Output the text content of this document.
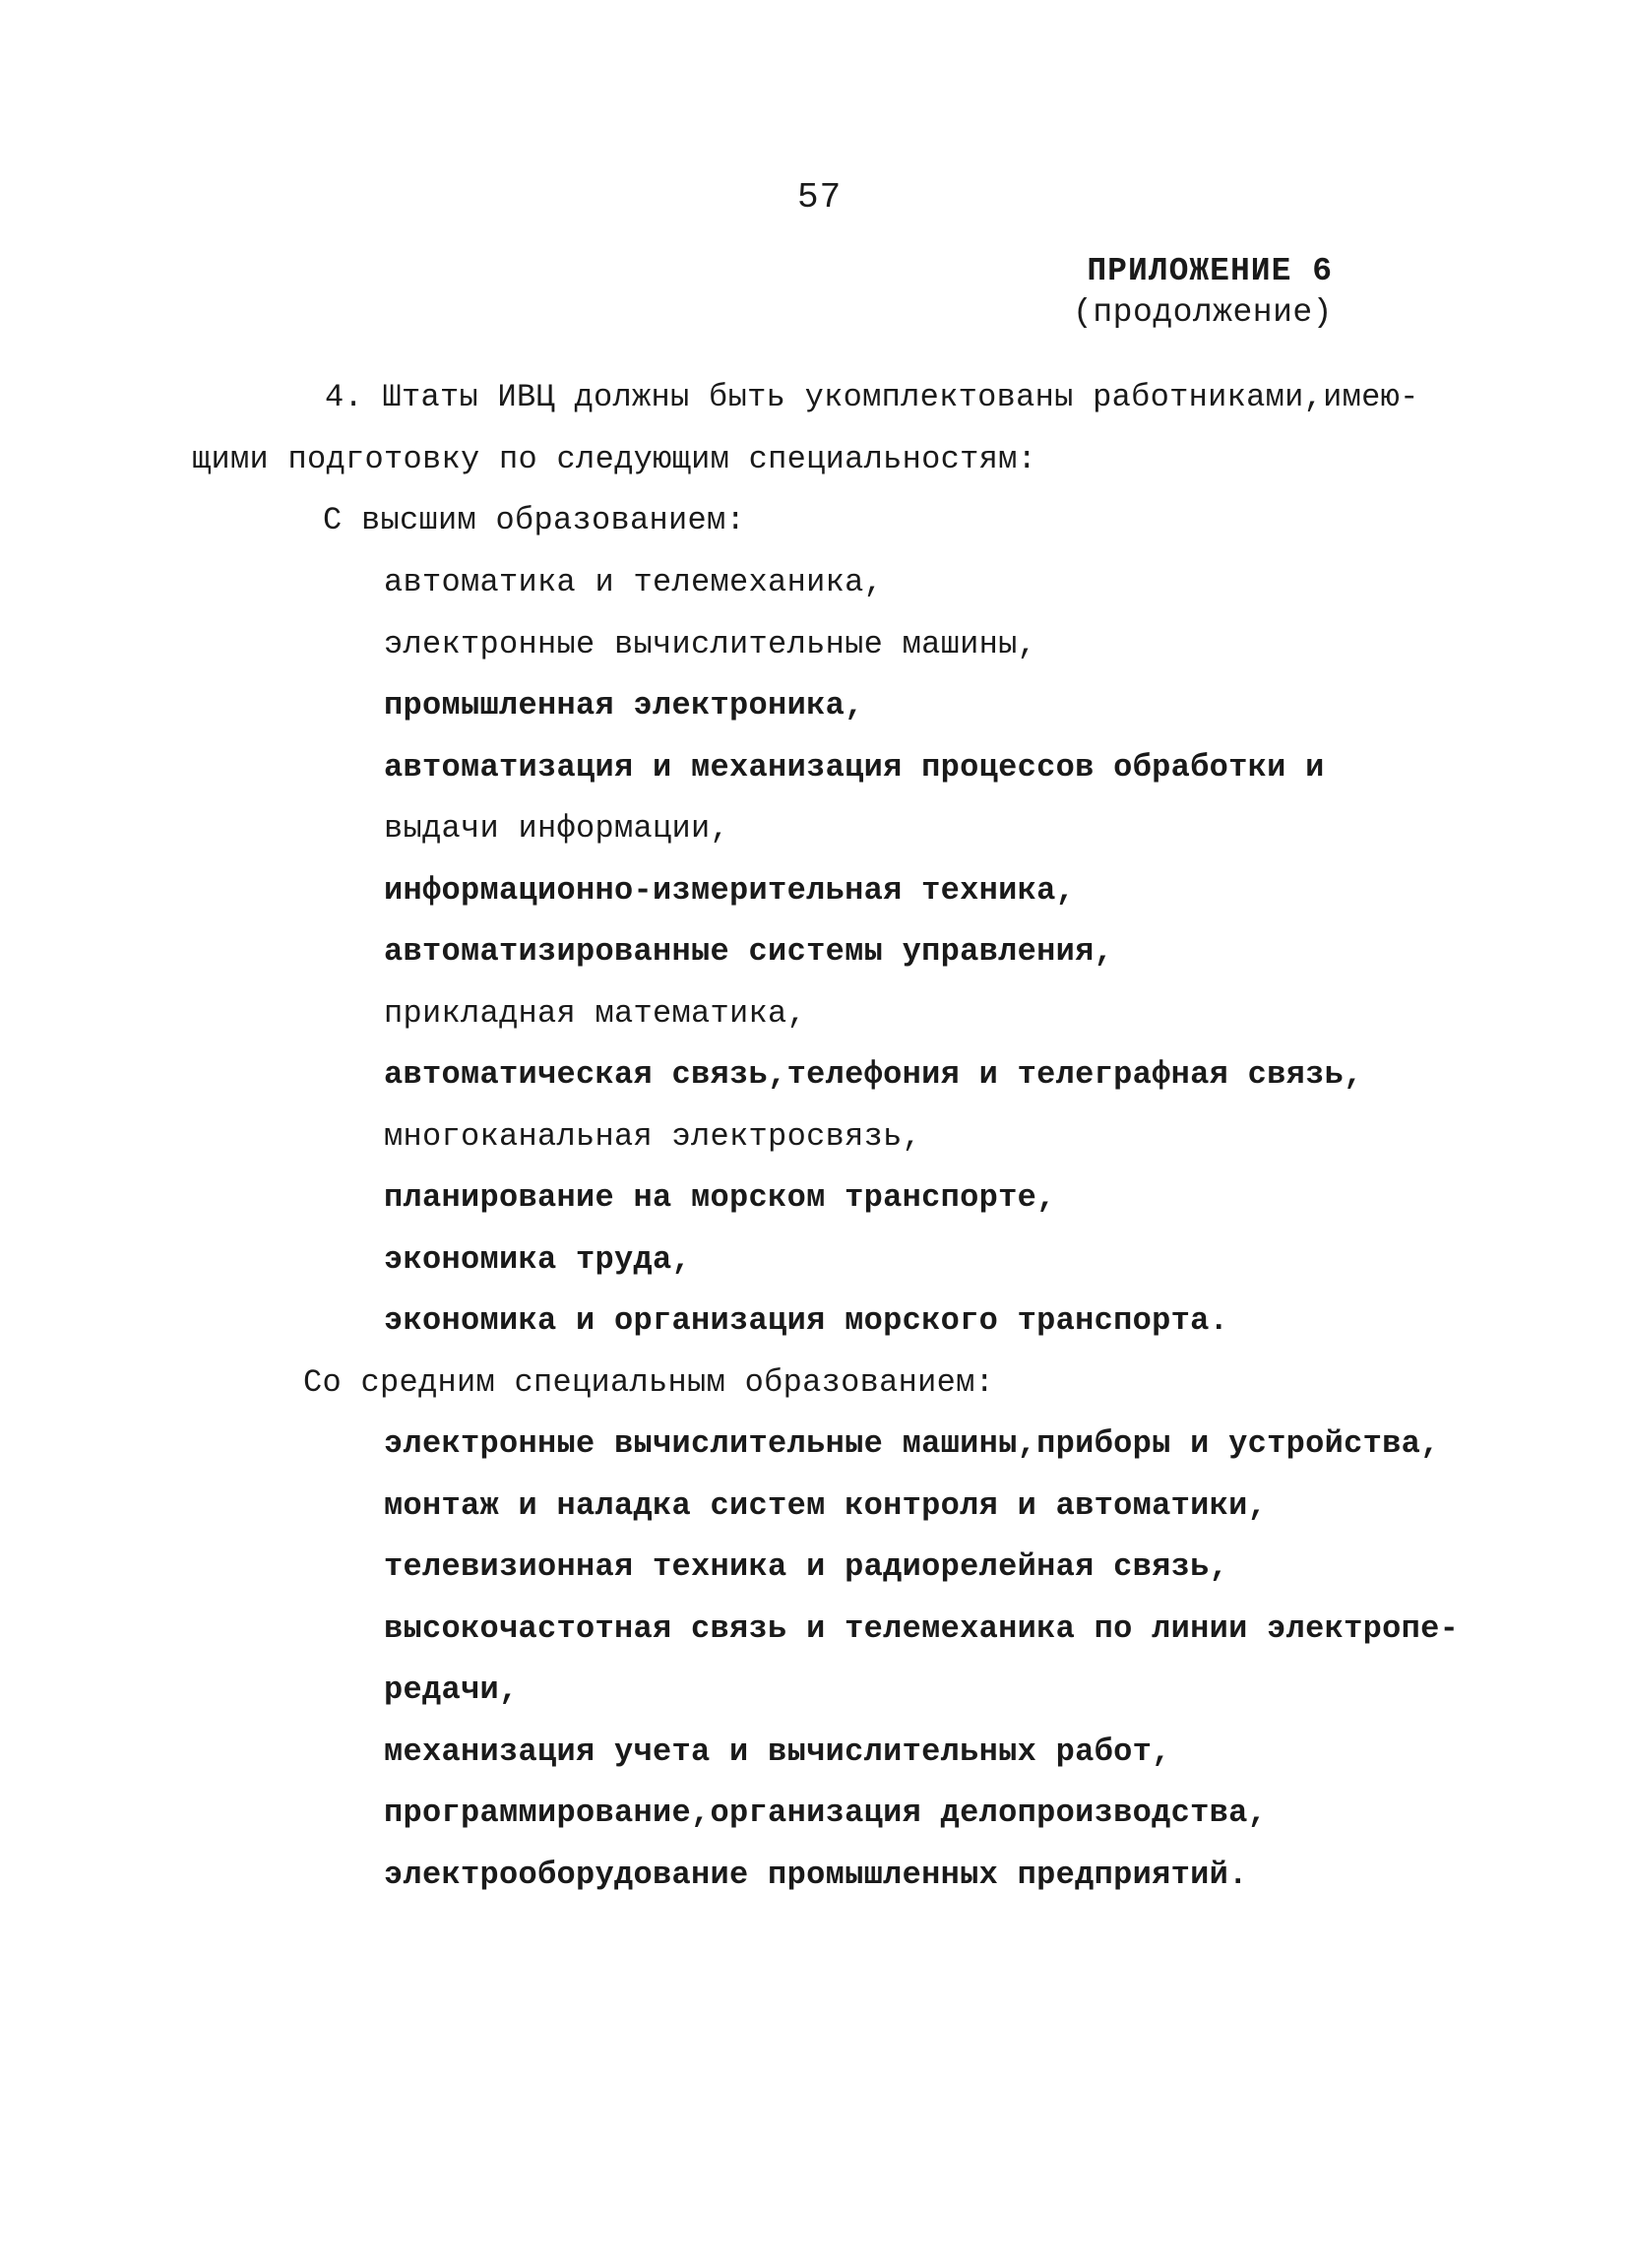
57
ПРИЛОЖЕНИЕ 6
(продолжение)
4. Штаты ИВЦ должны быть укомплектованы работниками,имею-
щими подготовку по следующим специальностям:
С высшим образованием:
автоматика и телемеханика,
электронные вычислительные машины,
промышленная электроника,
автоматизация и механизация процессов обработки и
выдачи информации,
информационно-измерительная техника,
автоматизированные системы управления,
прикладная математика,
автоматическая связь,телефония и телеграфная связь,
многоканальная электросвязь,
планирование на морском транспорте,
экономика труда,
экономика и организация морского транспорта.
Со средним специальным образованием:
электронные вычислительные машины,приборы и устройства,
монтаж и наладка систем контроля и автоматики,
телевизионная техника и радиорелейная связь,
высокочастотная связь и телемеханика по линии электропе-
редачи,
механизация учета и вычислительных работ,
программирование,организация делопроизводства,
электрооборудование промышленных предприятий.
